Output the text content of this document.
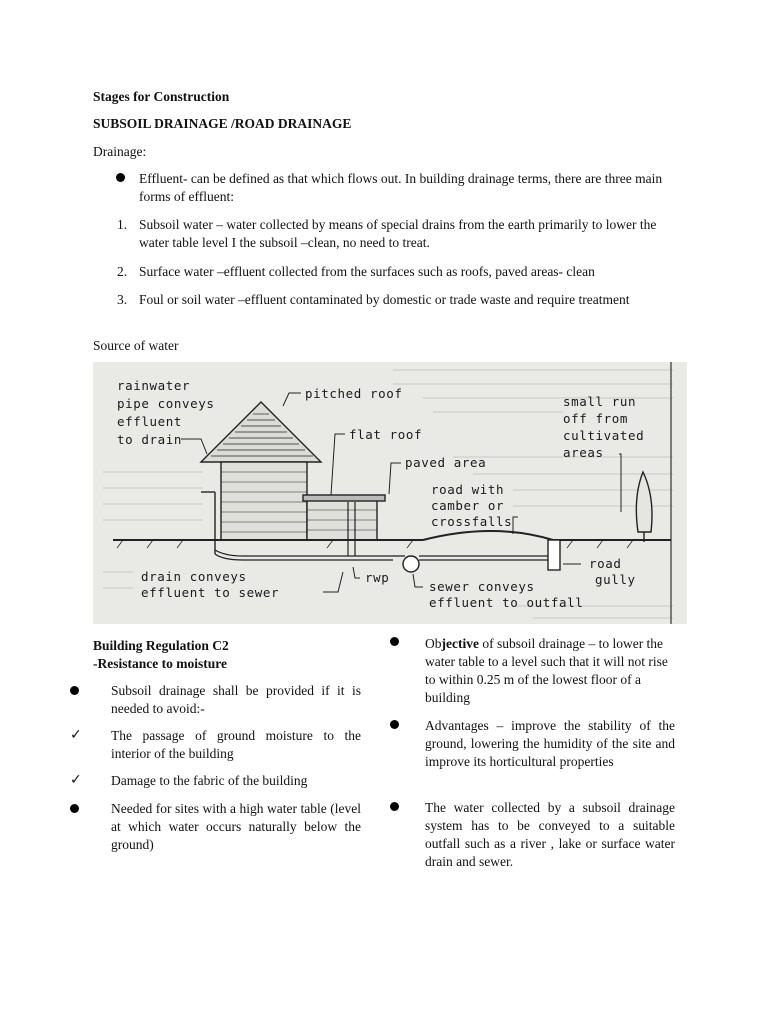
Stages for Construction
SUBSOIL DRAINAGE /ROAD DRAINAGE
Drainage:
Effluent- can be defined as that which flows out. In building drainage terms, there are three main forms of effluent:
1. Subsoil water – water collected by means of special drains from the earth primarily to lower the water table level I the subsoil –clean, no need to treat.
2. Surface water –effluent collected from the surfaces such as roofs, paved areas- clean
3. Foul or soil water –effluent contaminated by domestic or trade waste and require treatment
Source of water
rainwater
pipe conveys
effluent
to drain
pitched roof
flat roof
paved area
road with
camber or
crossfalls
small run
off from
cultivated
areas
road
gully
drain conveys
effluent to sewer
rwp
sewer conveys
effluent to outfall
Building Regulation C2
-Resistance to moisture
Subsoil drainage shall be provided if it is needed to avoid:-
✓ The passage of ground moisture to the interior of the building
✓ Damage to the fabric of the building
Needed for sites with a high water table (level at which water occurs naturally below the ground)
Objective of subsoil drainage – to lower the water table to a level such that it will not rise to within 0.25 m of the lowest floor of a building
Advantages – improve the stability of the ground, lowering the humidity of the site and improve its horticultural properties
The water collected by a subsoil drainage system has to be conveyed to a suitable outfall such as a river , lake or surface water drain and sewer.
